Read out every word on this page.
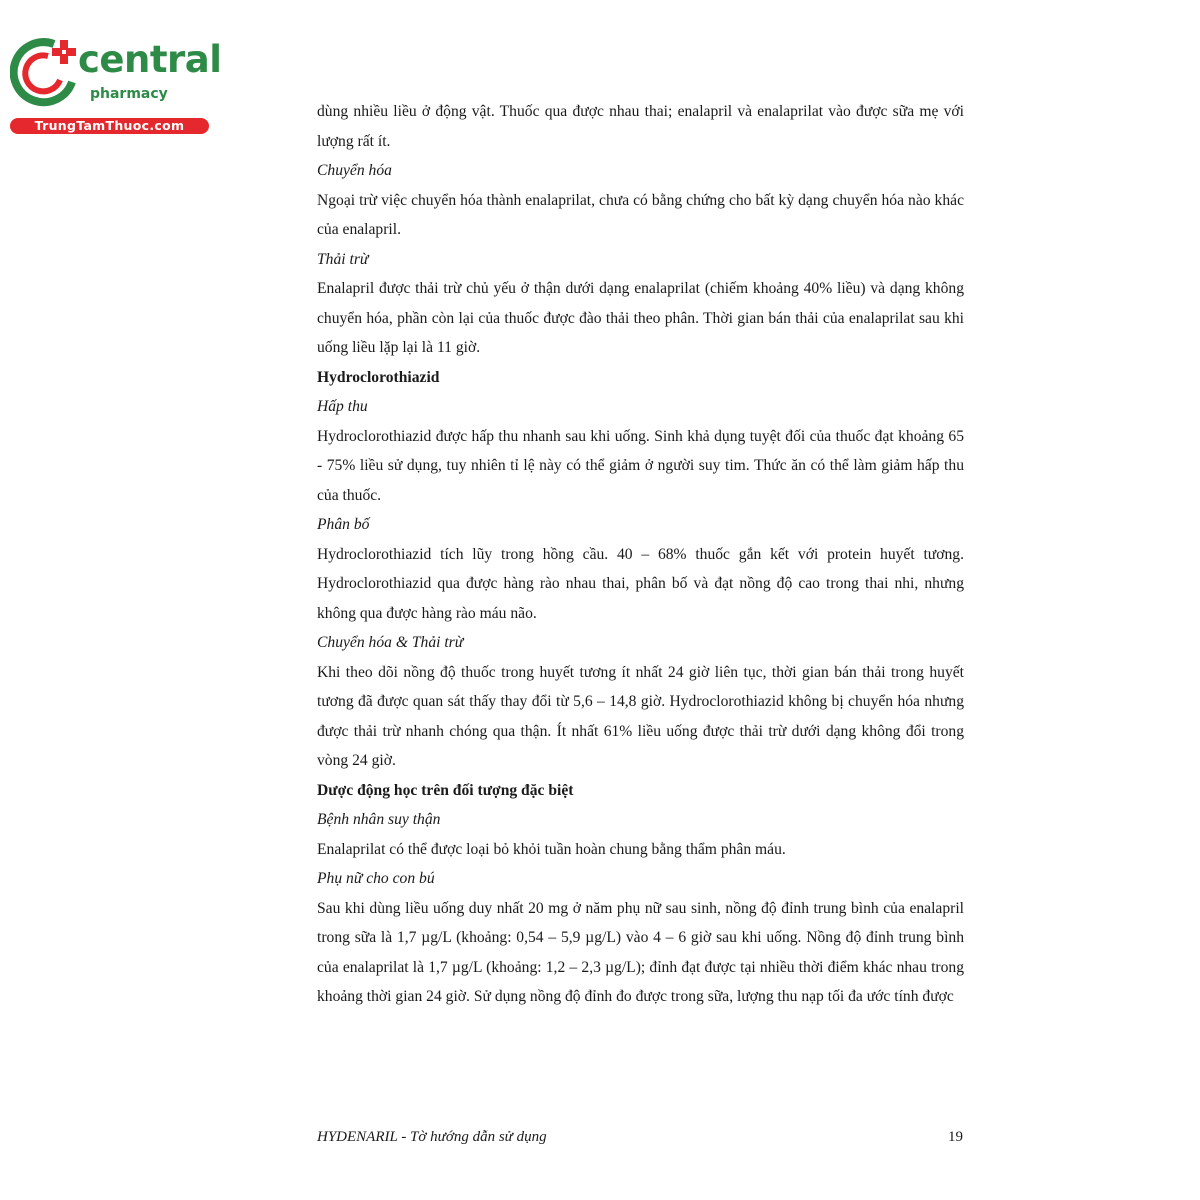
central
pharmacy
TrungTamThuoc.com

dùng nhiều liều ở động vật. Thuốc qua được nhau thai; enalapril và enalaprilat vào được sữa mẹ với lượng rất ít.

Chuyển hóa

Ngoại trừ việc chuyển hóa thành enalaprilat, chưa có bằng chứng cho bất kỳ dạng chuyển hóa nào khác của enalapril.

Thải trừ

Enalapril được thải trừ chủ yếu ở thận dưới dạng enalaprilat (chiếm khoảng 40% liều) và dạng không chuyển hóa, phần còn lại của thuốc được đào thải theo phân. Thời gian bán thải của enalaprilat sau khi uống liều lặp lại là 11 giờ.

Hydroclorothiazid

Hấp thu

Hydroclorothiazid được hấp thu nhanh sau khi uống. Sinh khả dụng tuyệt đối của thuốc đạt khoảng 65 - 75% liều sử dụng, tuy nhiên tỉ lệ này có thể giảm ở người suy tim. Thức ăn có thể làm giảm hấp thu của thuốc.

Phân bố

Hydroclorothiazid tích lũy trong hồng cầu. 40 – 68% thuốc gắn kết với protein huyết tương. Hydroclorothiazid qua được hàng rào nhau thai, phân bố và đạt nồng độ cao trong thai nhi, nhưng không qua được hàng rào máu não.

Chuyển hóa & Thải trừ

Khi theo dõi nồng độ thuốc trong huyết tương ít nhất 24 giờ liên tục, thời gian bán thải trong huyết tương đã được quan sát thấy thay đổi từ 5,6 – 14,8 giờ. Hydroclorothiazid không bị chuyển hóa nhưng được thải trừ nhanh chóng qua thận. Ít nhất 61% liều uống được thải trừ dưới dạng không đổi trong vòng 24 giờ.

Dược động học trên đối tượng đặc biệt

Bệnh nhân suy thận

Enalaprilat có thể được loại bỏ khỏi tuần hoàn chung bằng thẩm phân máu.

Phụ nữ cho con bú

Sau khi dùng liều uống duy nhất 20 mg ở năm phụ nữ sau sinh, nồng độ đỉnh trung bình của enalapril trong sữa là 1,7 µg/L (khoảng: 0,54 – 5,9 µg/L) vào 4 – 6 giờ sau khi uống. Nồng độ đỉnh trung bình của enalaprilat là 1,7 µg/L (khoảng: 1,2 – 2,3 µg/L); đỉnh đạt được tại nhiều thời điểm khác nhau trong khoảng thời gian 24 giờ. Sử dụng nồng độ đỉnh đo được trong sữa, lượng thu nạp tối đa ước tính được

HYDENARIL - Tờ hướng dẫn sử dụng	19
